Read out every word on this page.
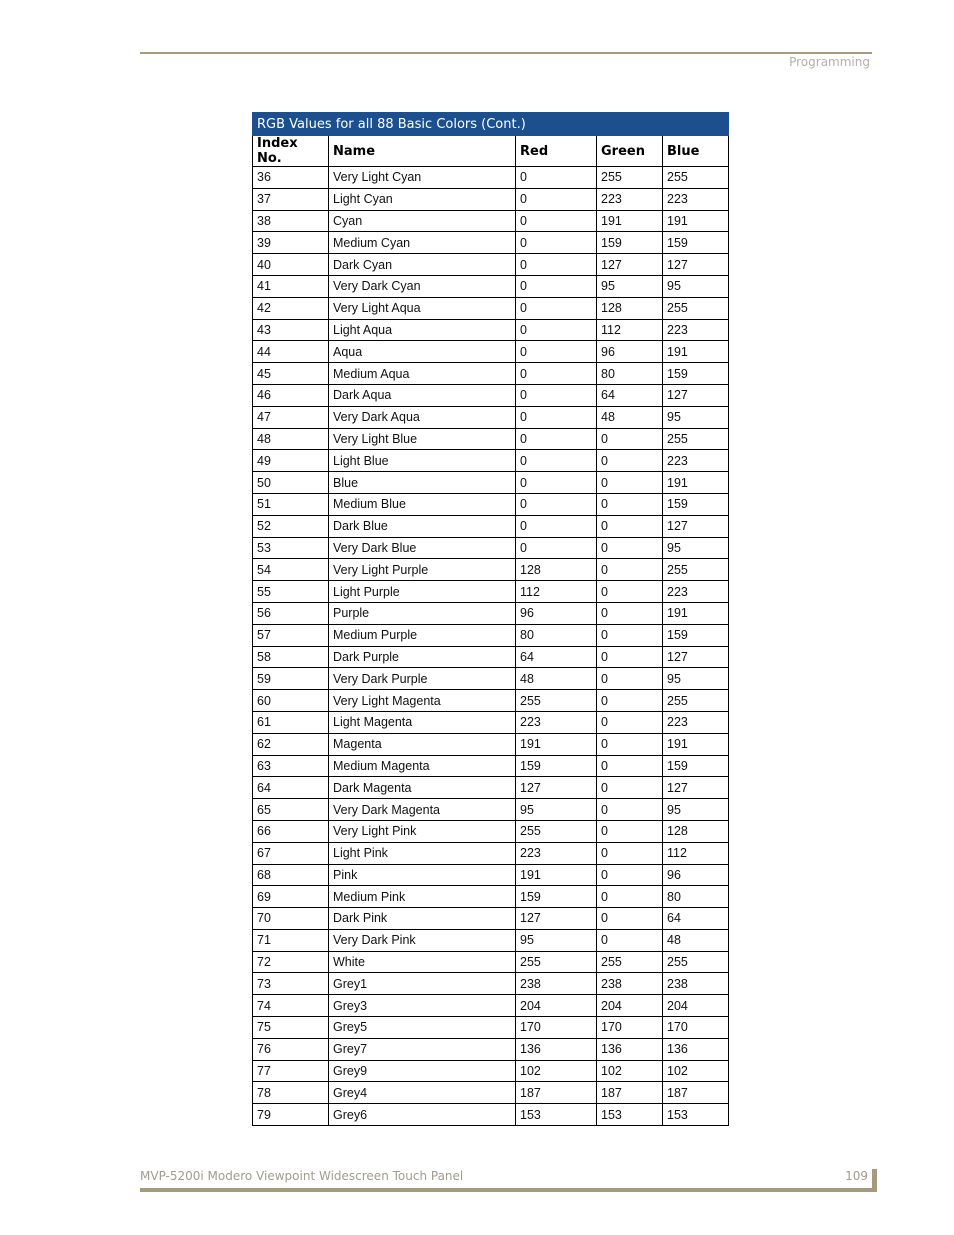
Programming
RGB Values for all 88 Basic Colors (Cont.)				
Index No.	Name	Red	Green	Blue
36	Very Light Cyan	0	255	255
37	Light Cyan	0	223	223
38	Cyan	0	191	191
39	Medium Cyan	0	159	159
40	Dark Cyan	0	127	127
41	Very Dark Cyan	0	95	95
42	Very Light Aqua	0	128	255
43	Light Aqua	0	112	223
44	Aqua	0	96	191
45	Medium Aqua	0	80	159
46	Dark Aqua	0	64	127
47	Very Dark Aqua	0	48	95
48	Very Light Blue	0	0	255
49	Light Blue	0	0	223
50	Blue	0	0	191
51	Medium Blue	0	0	159
52	Dark Blue	0	0	127
53	Very Dark Blue	0	0	95
54	Very Light Purple	128	0	255
55	Light Purple	112	0	223
56	Purple	96	0	191
57	Medium Purple	80	0	159
58	Dark Purple	64	0	127
59	Very Dark Purple	48	0	95
60	Very Light Magenta	255	0	255
61	Light Magenta	223	0	223
62	Magenta	191	0	191
63	Medium Magenta	159	0	159
64	Dark Magenta	127	0	127
65	Very Dark Magenta	95	0	95
66	Very Light Pink	255	0	128
67	Light Pink	223	0	112
68	Pink	191	0	96
69	Medium Pink	159	0	80
70	Dark Pink	127	0	64
71	Very Dark Pink	95	0	48
72	White	255	255	255
73	Grey1	238	238	238
74	Grey3	204	204	204
75	Grey5	170	170	170
76	Grey7	136	136	136
77	Grey9	102	102	102
78	Grey4	187	187	187
79	Grey6	153	153	153
MVP-5200i Modero Viewpoint Widescreen Touch Panel	109
